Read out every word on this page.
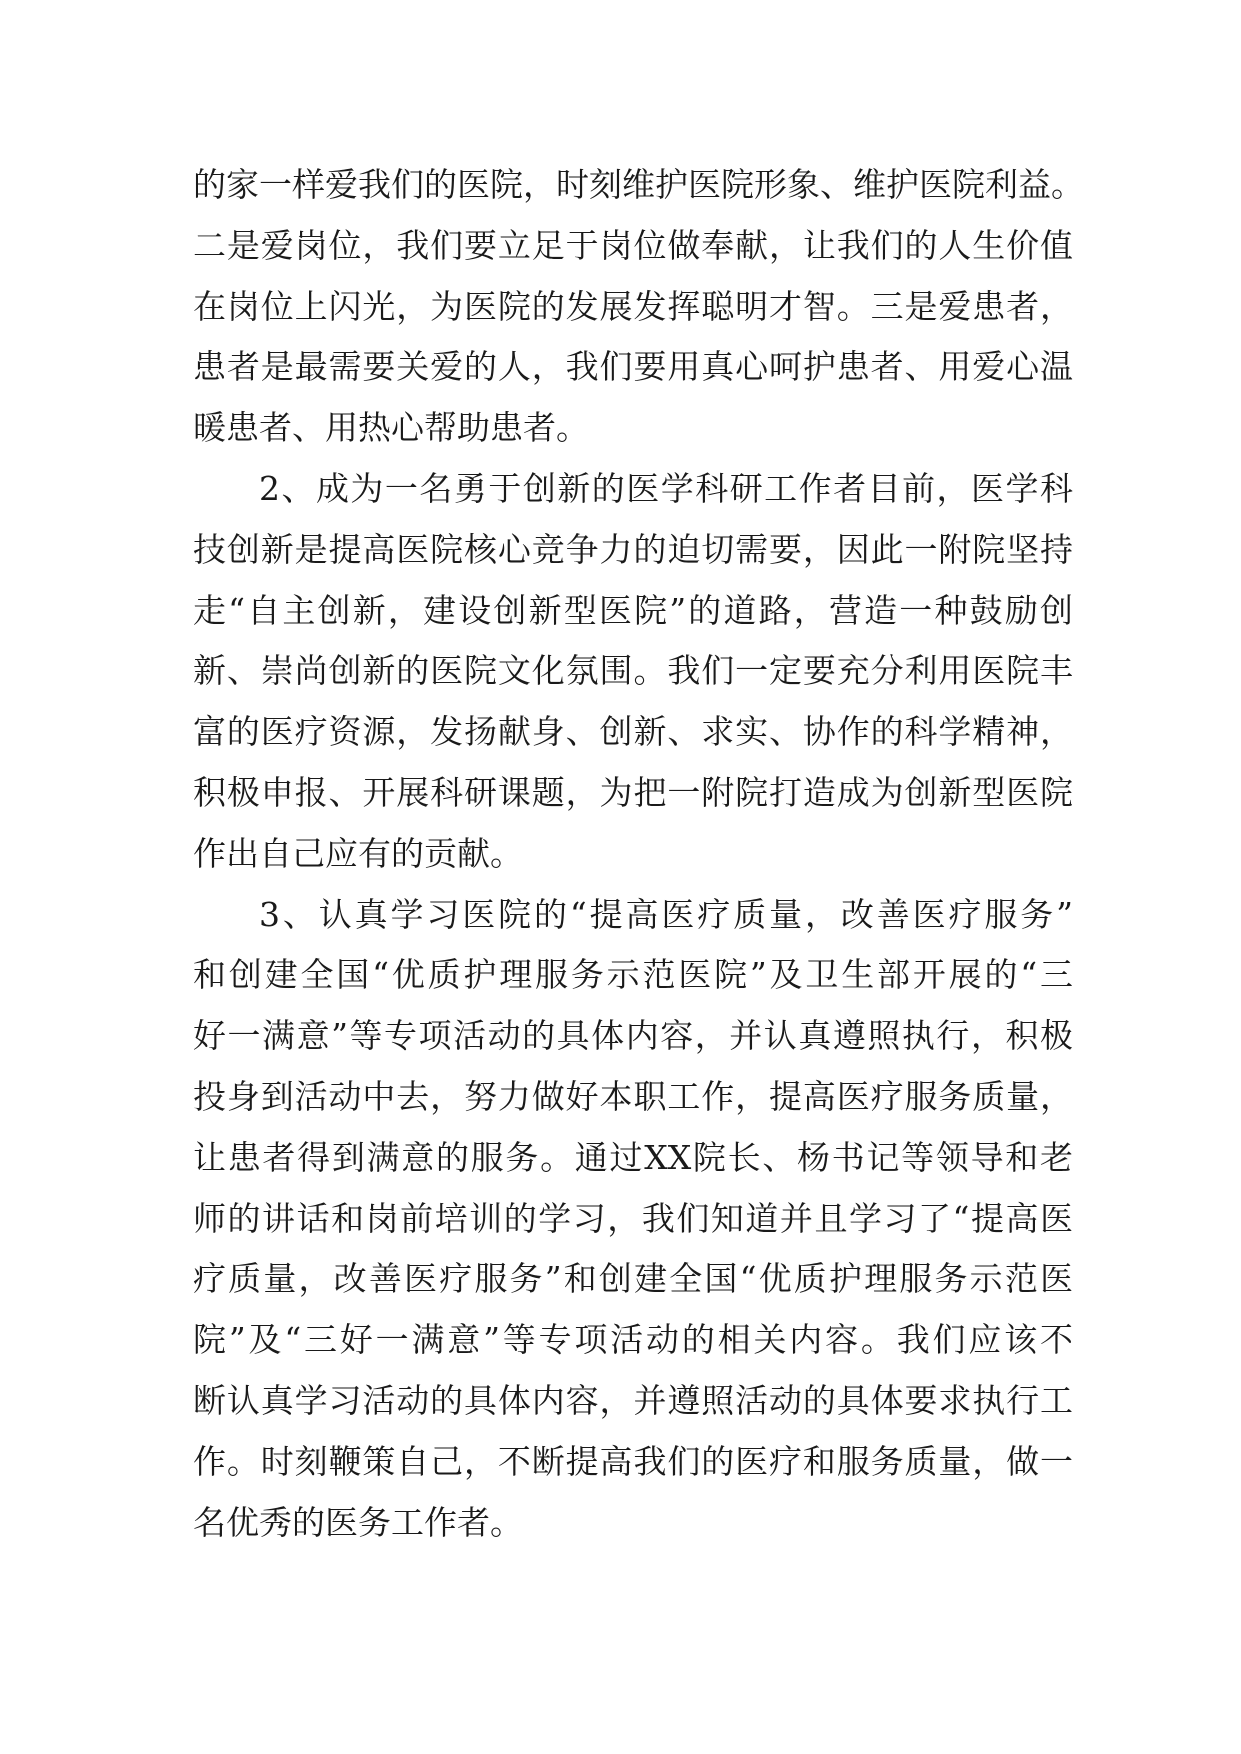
的家一样爱我们的医院，时刻维护医院形象、维护医院利益。
二是爱岗位，我们要立足于岗位做奉献，让我们的人生价值
在岗位上闪光，为医院的发展发挥聪明才智。三是爱患者，
患者是最需要关爱的人，我们要用真心呵护患者、用爱心温
暖患者、用热心帮助患者。
2、成为一名勇于创新的医学科研工作者目前，医学科
技创新是提高医院核心竞争力的迫切需要，因此一附院坚持
走“自主创新，建设创新型医院”的道路，营造一种鼓励创
新、崇尚创新的医院文化氛围。我们一定要充分利用医院丰
富的医疗资源，发扬献身、创新、求实、协作的科学精神，
积极申报、开展科研课题，为把一附院打造成为创新型医院
作出自己应有的贡献。
3、认真学习医院的“提高医疗质量，改善医疗服务”
和创建全国“优质护理服务示范医院”及卫生部开展的“三
好一满意”等专项活动的具体内容，并认真遵照执行，积极
投身到活动中去，努力做好本职工作，提高医疗服务质量，
让患者得到满意的服务。通过XX院长、杨书记等领导和老
师的讲话和岗前培训的学习，我们知道并且学习了“提高医
疗质量，改善医疗服务”和创建全国“优质护理服务示范医
院”及“三好一满意”等专项活动的相关内容。我们应该不
断认真学习活动的具体内容，并遵照活动的具体要求执行工
作。时刻鞭策自己，不断提高我们的医疗和服务质量，做一
名优秀的医务工作者。
